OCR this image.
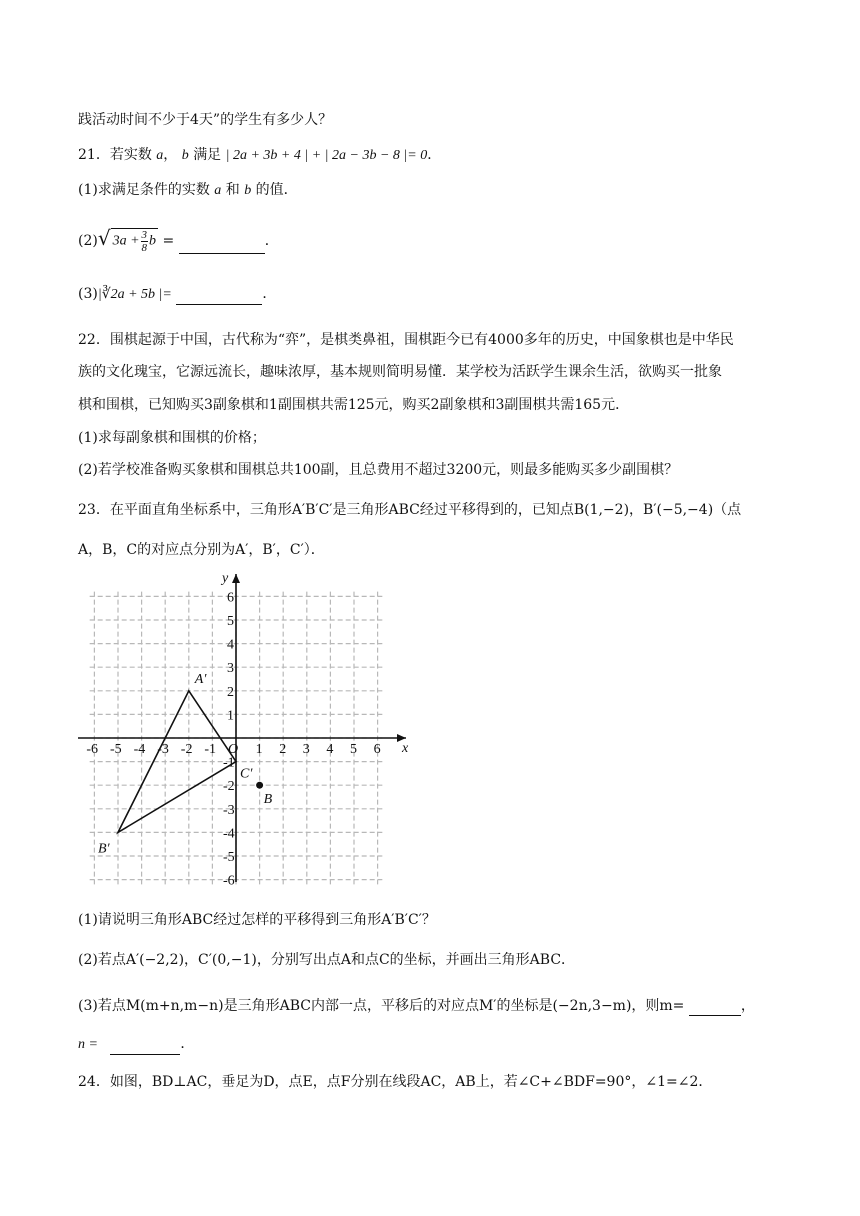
践活动时间不少于4天”的学生有多少人？
21．若实数 a， b 满足 | 2a + 3b + 4 | + | 2a − 3b − 8 |= 0．
(1)求满足条件的实数 a 和 b 的值．
(2)√ $3a + \frac{3}{8}$ b =	．
(3)|∛2a + 5b |=	．
22．围棋起源于中国，古代称为“弈”，是棋类鼻祖，围棋距今已有4000多年的历史，中国象棋也是中华民
族的文化瑰宝，它源远流长，趣味浓厚，基本规则简明易懂．某学校为活跃学生课余生活，欲购买一批象
棋和围棋，已知购买3副象棋和1副围棋共需125元，购买2副象棋和3副围棋共需165元．
(1)求每副象棋和围棋的价格；
(2)若学校准备购买象棋和围棋总共100副，且总费用不超过3200元，则最多能购买多少副围棋？
23．在平面直角坐标系中，三角形A′B′C′是三角形ABC经过平移得到的，已知点B(1,−2)，B′(−5,−4)（点
A，B，C的对应点分别为A′，B′，C′）．
x
y
O
-6 -5 -4 -3 -2 -1	1 2 3 4 5 6
6
5
4
3
2
1
-1
-2
-3
-4
-5
-6
A′
B′
C′
B
(1)请说明三角形ABC经过怎样的平移得到三角形A′B′C′？
(2)若点A′(−2,2)，C′(0,−1)，分别写出点A和点C的坐标，并画出三角形ABC．
(3)若点M(m+n,m−n)是三角形ABC内部一点，平移后的对应点M′的坐标是(−2n,3−m)，则m=	，
n =	．
24．如图，BD⊥AC，垂足为D，点E，点F分别在线段AC，AB上，若∠C+∠BDF=90°，∠1=∠2．
